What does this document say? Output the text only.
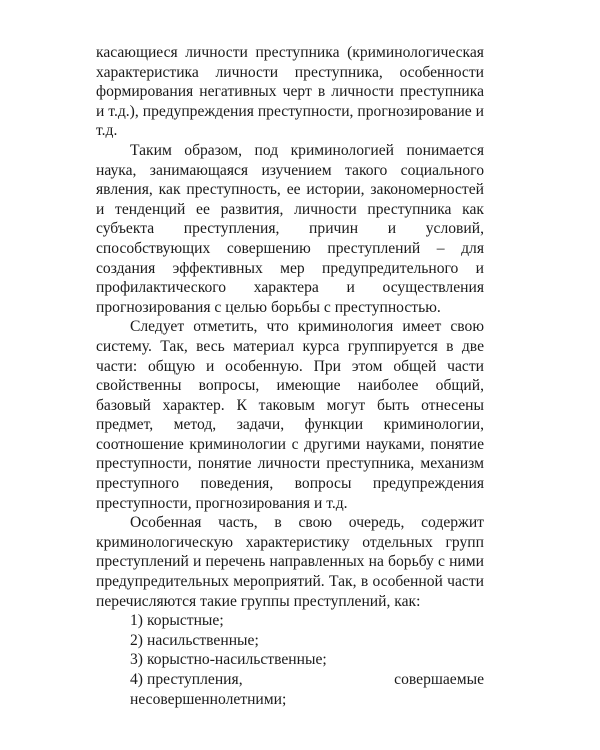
касающиеся личности преступника (криминологическая характеристика личности преступника, особенности формирования негативных черт в личности преступника и т.д.), предупреждения преступности, прогнозирование и т.д.

Таким образом, под криминологией понимается наука, занимающаяся изучением такого социального явления, как преступность, ее истории, закономерностей и тенденций ее развития, личности преступника как субъекта преступления, причин и условий, способствующих совершению преступлений – для создания эффективных мер предупредительного и профилактического характера и осуществления прогнозирования с целью борьбы с преступностью.

Следует отметить, что криминология имеет свою систему. Так, весь материал курса группируется в две части: общую и особенную. При этом общей части свойственны вопросы, имеющие наиболее общий, базовый характер. К таковым могут быть отнесены предмет, метод, задачи, функции криминологии, соотношение криминологии с другими науками, понятие преступности, понятие личности преступника, механизм преступного поведения, вопросы предупреждения преступности, прогнозирования и т.д.

Особенная часть, в свою очередь, содержит криминологическую характеристику отдельных групп преступлений и перечень направленных на борьбу с ними предупредительных мероприятий. Так, в особенной части перечисляются такие группы преступлений, как:

1) корыстные;

2) насильственные;

3) корыстно-насильственные;

4) преступления, совершаемые несовершеннолетними;
